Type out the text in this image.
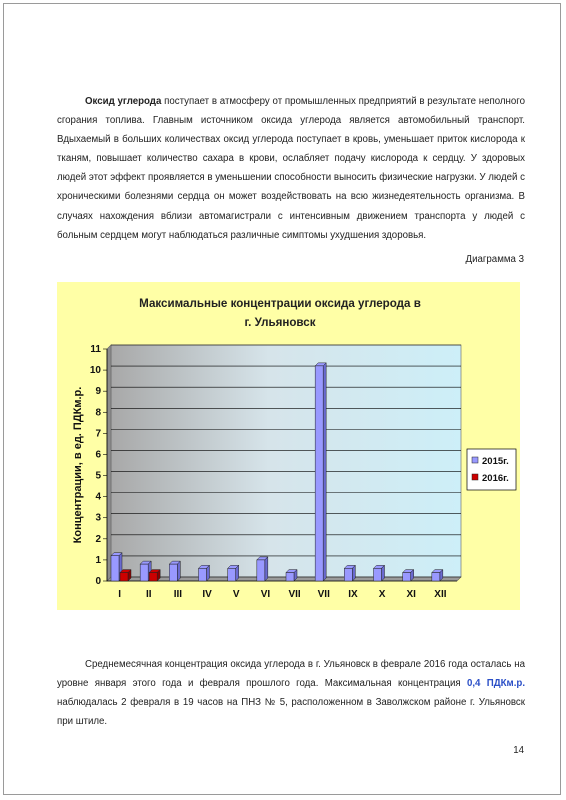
Оксид углерода поступает в атмосферу от промышленных предприятий в результате неполного сгорания топлива. Главным источником оксида углерода является автомобильный транспорт. Вдыхаемый в больших количествах оксид углерода поступает в кровь, уменьшает приток кислорода к тканям, повышает количество сахара в крови, ослабляет подачу кислорода к сердцу. У здоровых людей этот эффект проявляется в уменьшении способности выносить физические нагрузки. У людей с хроническими болезнями сердца он может воздействовать на всю жизнедеятельность организма. В случаях нахождения вблизи автомагистрали с интенсивным движением транспорта у людей с больным сердцем могут наблюдаться различные симптомы ухудшения здоровья.
Диаграмма 3
Максимальные концентрации оксида углерода в
г. Ульяновск
0
1
2
3
4
5
6
7
8
9
10
11
I II III IV V VI VII VII IX X XI XII
Концентрации, в ед. ПДКм.р.	2015г.
2016г.
Среднемесячная концентрация оксида углерода в г. Ульяновск в феврале 2016 года осталась на уровне января этого года и февраля прошлого года. Максимальная концентрация 0,4 ПДКм.р. наблюдалась 2 февраля в 19 часов на ПНЗ № 5, расположенном в Заволжском районе г. Ульяновск при штиле.
14
